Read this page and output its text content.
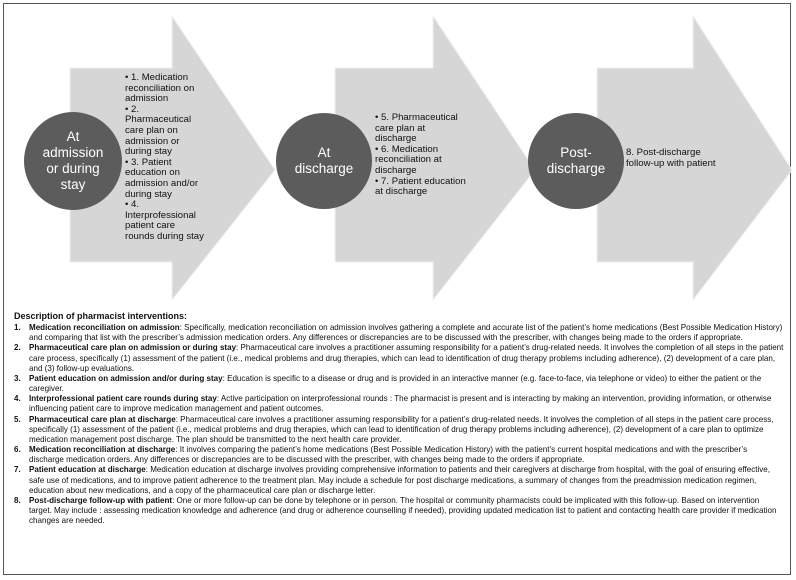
At
admission
or during
stay
• 1. Medication reconciliation on admission
• 2. Pharmaceutical care plan on admission or during stay
• 3. Patient education on admission and/or during stay
• 4. Interprofessional patient care rounds during stay
At
discharge
• 5. Pharmaceutical care plan at discharge
• 6. Medication reconciliation at discharge
• 7. Patient education at discharge
Post-
discharge
8. Post-discharge follow-up with patient
Description of pharmacist interventions:
1. Medication reconciliation on admission: Specifically, medication reconciliation on admission involves gathering a complete and accurate list of the patient’s home medications (Best Possible Medication History) and comparing that list with the prescriber’s admission medication orders. Any differences or discrepancies are to be discussed with the prescriber, with changes being made to the orders if appropriate.
2. Pharmaceutical care plan on admission or during stay: Pharmaceutical care involves a practitioner assuming responsibility for a patient’s drug-related needs. It involves the completion of all steps in the patient care process, specifically (1) assessment of the patient (i.e., medical problems and drug therapies, which can lead to identification of drug therapy problems including adherence), (2) development of a care plan, and (3) follow-up evaluations.
3. Patient education on admission and/or during stay: Education is specific to a disease or drug and is provided in an interactive manner (e.g. face-to-face, via telephone or video) to either the patient or the caregiver.
4. Interprofessional patient care rounds during stay: Active participation on interprofessional rounds : The pharmacist is present and is interacting by making an intervention, providing information, or otherwise influencing patient care to improve medication management and patient outcomes.
5. Pharmaceutical care plan at discharge: Pharmaceutical care involves a practitioner assuming responsibility for a patient’s drug-related needs. It involves the completion of all steps in the patient care process, specifically (1) assessment of the patient (i.e., medical problems and drug therapies, which can lead to identification of drug therapy problems including adherence), (2) development of a care plan to optimize medication management post discharge. The plan should be transmitted to the next health care provider.
6. Medication reconciliation at discharge: It involves comparing the patient’s home medications (Best Possible Medication History) with the patient’s current hospital medications and with the prescriber’s discharge medication orders. Any differences or discrepancies are to be discussed with the prescriber, with changes being made to the orders if appropriate.
7. Patient education at discharge: Medication education at discharge involves providing comprehensive information to patients and their caregivers at discharge from hospital, with the goal of ensuring effective, safe use of medications, and to improve patient adherence to the treatment plan. May include a schedule for post discharge medications, a summary of changes from the preadmission medication regimen, education about new medications, and a copy of the pharmaceutical care plan or discharge letter.
8. Post-discharge follow-up with patient: One or more follow-up can be done by telephone or in person. The hospital or community pharmacists could be implicated with this follow-up. Based on intervention target. May include : assessing medication knowledge and adherence (and drug or adherence counselling if needed), providing updated medication list to patient and contacting health care provider if medication changes are needed.
